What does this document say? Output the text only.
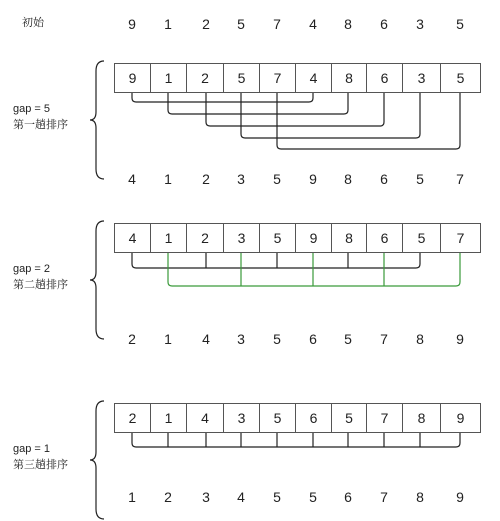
初始	9 1 2 5 7 4 8 6 3 5
gap = 5
第一趟排序
9	1	2	5	7	4	8	6	3	5
4 1 2 3 5 9 8 6 5 7
gap = 2
第二趟排序
4	1	2	3	5	9	8	6	5	7
2 1 4 3 5 6 5 7 8 9
gap = 1
第三趟排序
2	1	4	3	5	6	5	7	8	9
1 2 3 4 5 5 6 7 8 9
